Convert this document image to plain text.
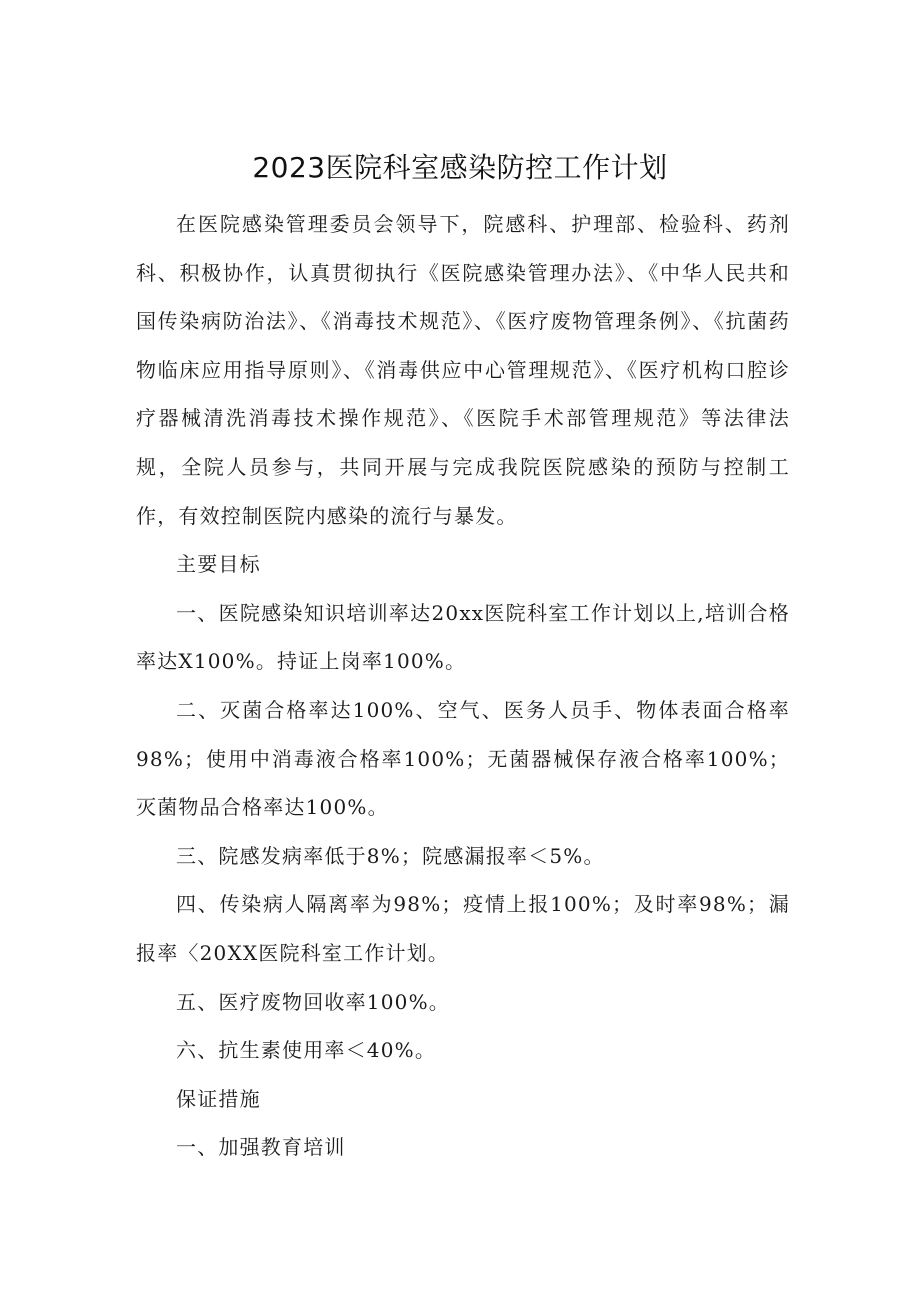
2023医院科室感染防控工作计划

在医院感染管理委员会领导下，院感科、护理部、检验科、药剂科、积极协作，认真贯彻执行《医院感染管理办法》、《中华人民共和国传染病防治法》、《消毒技术规范》、《医疗废物管理条例》、《抗菌药物临床应用指导原则》、《消毒供应中心管理规范》、《医疗机构口腔诊疗器械清洗消毒技术操作规范》、《医院手术部管理规范》等法律法规，全院人员参与，共同开展与完成我院医院感染的预防与控制工作，有效控制医院内感染的流行与暴发。

主要目标

一、医院感染知识培训率达20xx医院科室工作计划以上,培训合格率达X100%。持证上岗率100%。

二、灭菌合格率达100%、空气、医务人员手、物体表面合格率98%；使用中消毒液合格率100%；无菌器械保存液合格率100%；灭菌物品合格率达100%。

三、院感发病率低于8%；院感漏报率＜5%。

四、传染病人隔离率为98%；疫情上报100%；及时率98%；漏报率〈20XX医院科室工作计划。

五、医疗废物回收率100%。

六、抗生素使用率＜40%。

保证措施

一、加强教育培训
